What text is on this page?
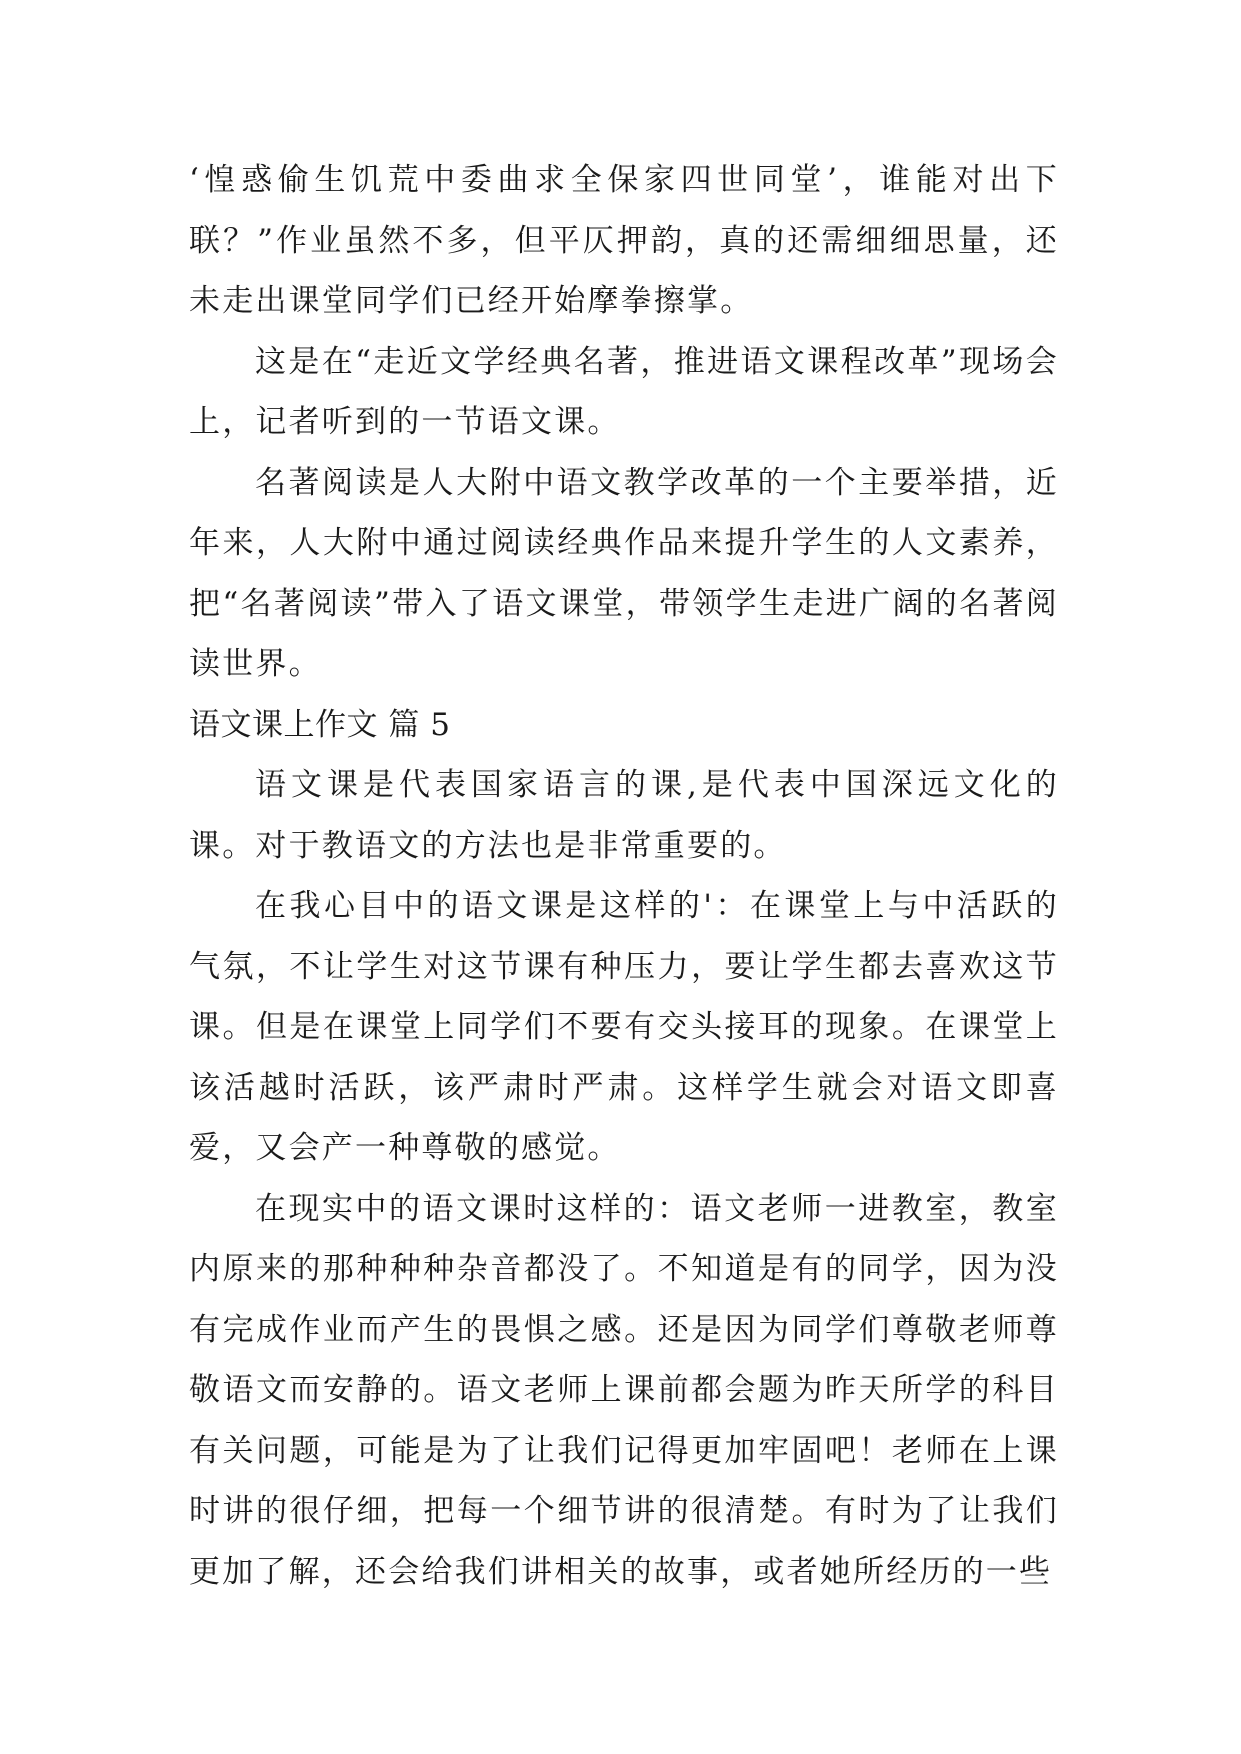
‘惶惑偷生饥荒中委曲求全保家四世同堂’，谁能对出下联？”作业虽然不多，但平仄押韵，真的还需细细思量，还未走出课堂同学们已经开始摩拳擦掌。

这是在“走近文学经典名著，推进语文课程改革”现场会上，记者听到的一节语文课。

名著阅读是人大附中语文教学改革的一个主要举措，近年来，人大附中通过阅读经典作品来提升学生的人文素养，把“名著阅读”带入了语文课堂，带领学生走进广阔的名著阅读世界。

语文课上作文 篇 5

语文课是代表国家语言的课,是代表中国深远文化的课。对于教语文的方法也是非常重要的。

在我心目中的语文课是这样的'：在课堂上与中活跃的气氛，不让学生对这节课有种压力，要让学生都去喜欢这节课。但是在课堂上同学们不要有交头接耳的现象。在课堂上该活越时活跃，该严肃时严肃。这样学生就会对语文即喜爱，又会产一种尊敬的感觉。

在现实中的语文课时这样的：语文老师一进教室，教室内原来的那种种种杂音都没了。不知道是有的同学，因为没有完成作业而产生的畏惧之感。还是因为同学们尊敬老师尊敬语文而安静的。语文老师上课前都会题为昨天所学的科目有关问题，可能是为了让我们记得更加牢固吧！老师在上课时讲的很仔细，把每一个细节讲的很清楚。有时为了让我们更加了解，还会给我们讲相关的故事，或者她所经历的一些
